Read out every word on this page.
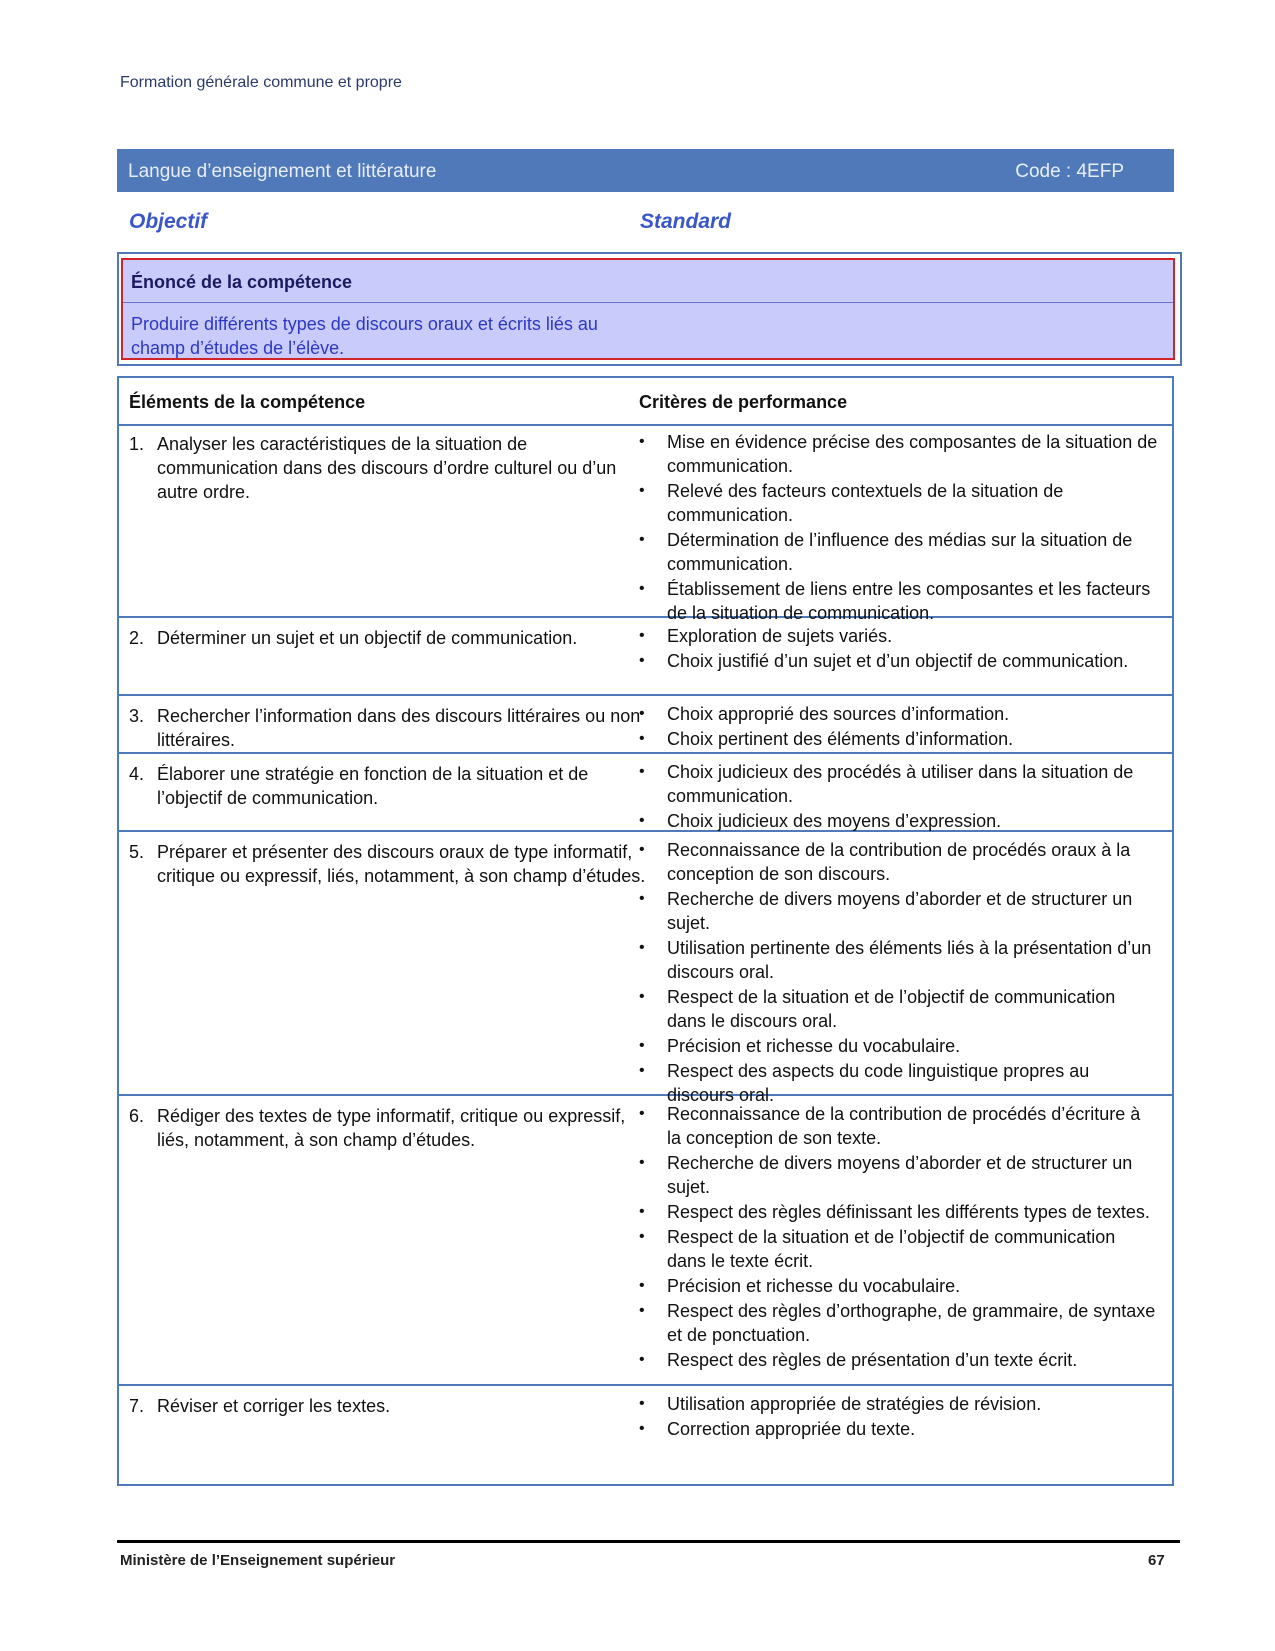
Formation générale commune et propre
Langue d’enseignement et littérature	Code : 4EFP
Objectif	Standard
Énoncé de la compétence
Produire différents types de discours oraux et écrits liés au champ d’études de l’élève.
Éléments de la compétence	Critères de performance
1. Analyser les caractéristiques de la situation de communication dans des discours d’ordre culturel ou d’un autre ordre.
• Mise en évidence précise des composantes de la situation de communication.
• Relevé des facteurs contextuels de la situation de communication.
• Détermination de l’influence des médias sur la situation de communication.
• Établissement de liens entre les composantes et les facteurs de la situation de communication.
2. Déterminer un sujet et un objectif de communication.	• Exploration de sujets variés.
• Choix justifié d’un sujet et d’un objectif de communication.
3. Rechercher l’information dans des discours littéraires ou non littéraires.
• Choix approprié des sources d’information.
• Choix pertinent des éléments d’information.
4. Élaborer une stratégie en fonction de la situation et de l’objectif de communication.
• Choix judicieux des procédés à utiliser dans la situation de communication.
• Choix judicieux des moyens d’expression.
5. Préparer et présenter des discours oraux de type informatif, critique ou expressif, liés, notamment, à son champ d’études.
• Reconnaissance de la contribution de procédés oraux à la conception de son discours.
• Recherche de divers moyens d’aborder et de structurer un sujet.
• Utilisation pertinente des éléments liés à la présentation d’un discours oral.
• Respect de la situation et de l’objectif de communication dans le discours oral.
• Précision et richesse du vocabulaire.
• Respect des aspects du code linguistique propres au discours oral.
6. Rédiger des textes de type informatif, critique ou expressif, liés, notamment, à son champ d’études.
• Reconnaissance de la contribution de procédés d’écriture à la conception de son texte.
• Recherche de divers moyens d’aborder et de structurer un sujet.
• Respect des règles définissant les différents types de textes.
• Respect de la situation et de l’objectif de communication dans le texte écrit.
• Précision et richesse du vocabulaire.
• Respect des règles d’orthographe, de grammaire, de syntaxe et de ponctuation.
• Respect des règles de présentation d’un texte écrit.
7. Réviser et corriger les textes.	• Utilisation appropriée de stratégies de révision.
• Correction appropriée du texte.
Ministère de l’Enseignement supérieur	67
